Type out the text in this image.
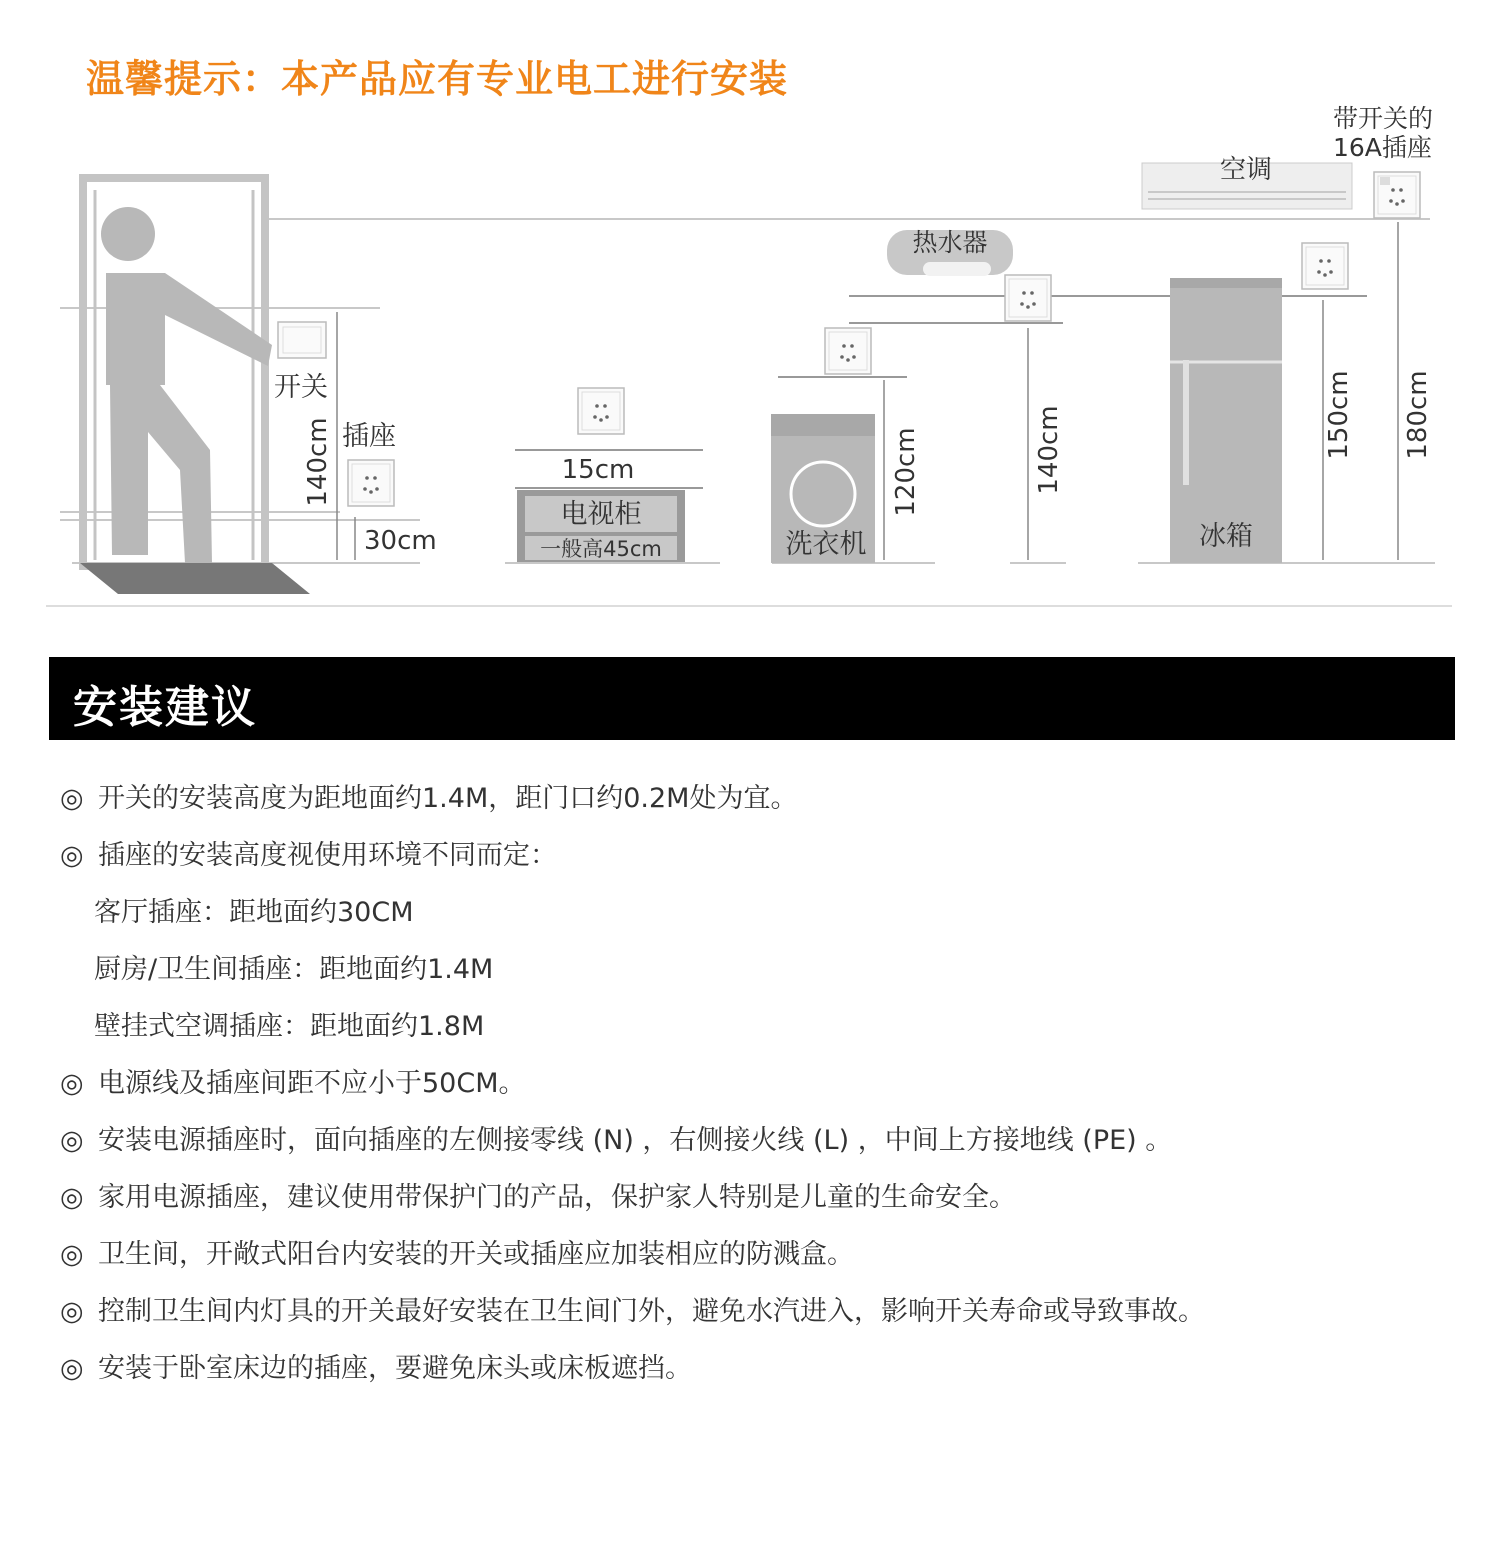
温馨提示：本产品应有专业电工进行安装
开关
140cm 插座
30cm
15cm
电视柜
一般高45cm	洗衣机
120cm
热水器
140cm
冰箱
150cm
空调
带开关的
16A插座
180cm
安装建议
◎ 开关的安装高度为距地面约1.4M，距门口约0.2M处为宜。
◎ 插座的安装高度视使用环境不同而定：
客厅插座：距地面约30CM
厨房/卫生间插座：距地面约1.4M
壁挂式空调插座：距地面约1.8M
◎ 电源线及插座间距不应小于50CM。
◎ 安装电源插座时，面向插座的左侧接零线 (N) ，右侧接火线 (L) ，中间上方接地线 (PE) 。
◎ 家用电源插座，建议使用带保护门的产品，保护家人特别是儿童的生命安全。
◎ 卫生间，开敞式阳台内安装的开关或插座应加装相应的防溅盒。
◎ 控制卫生间内灯具的开关最好安装在卫生间门外，避免水汽进入，影响开关寿命或导致事故。
◎ 安装于卧室床边的插座，要避免床头或床板遮挡。
